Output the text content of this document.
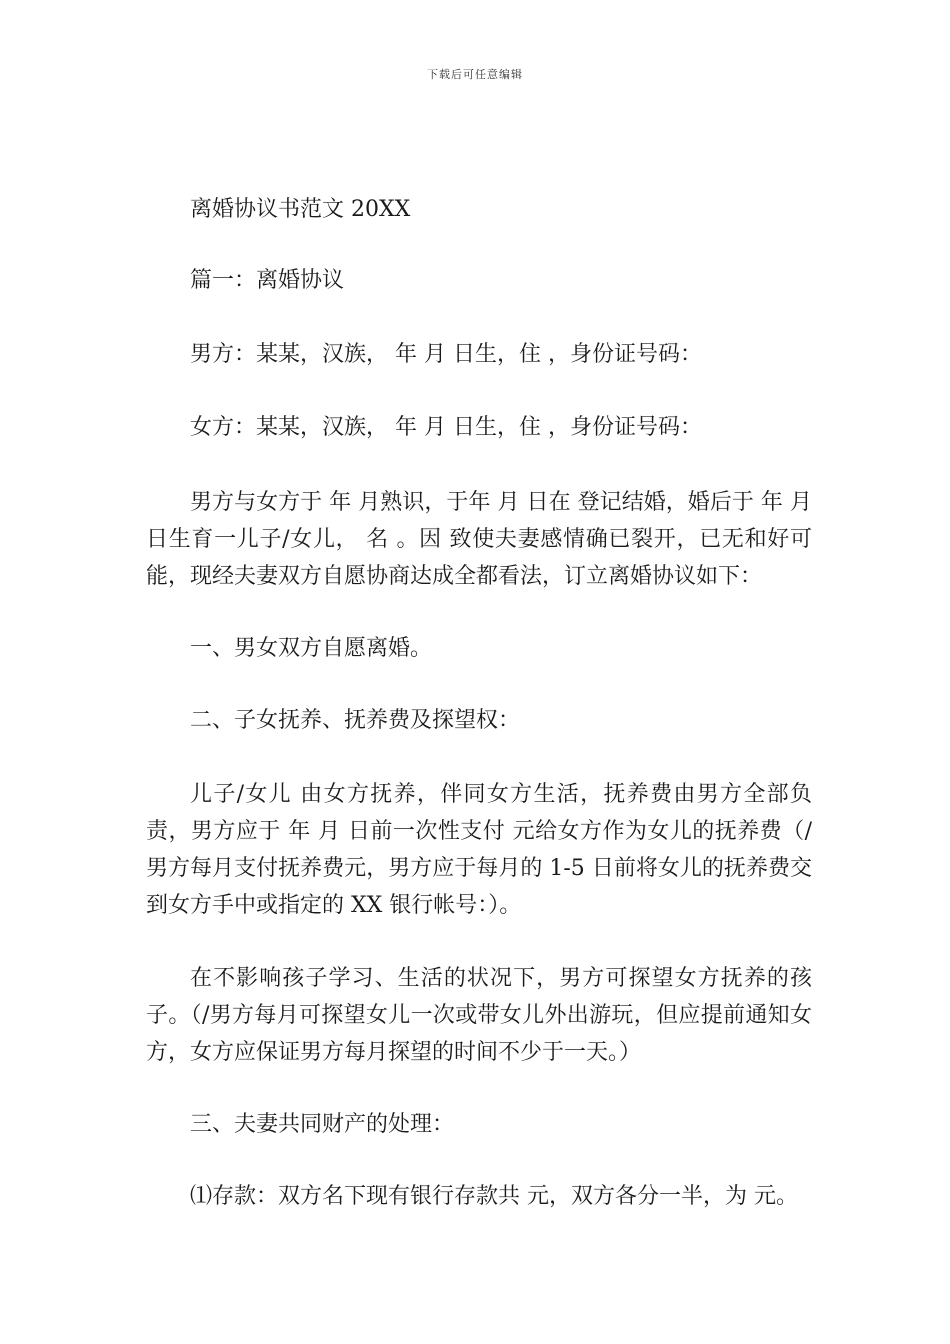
下载后可任意编辑
离婚协议书范文 20XX
篇一：离婚协议
男方：某某，汉族， 年 月 日生，住 ，身份证号码：
女方：某某，汉族， 年 月 日生，住 ，身份证号码：
男方与女方于 年 月熟识，于年 月 日在 登记结婚，婚后于 年 月日生育一儿子/女儿， 名 。因 致使夫妻感情确已裂开，已无和好可能，现经夫妻双方自愿协商达成全都看法，订立离婚协议如下：
一、男女双方自愿离婚。
二、子女抚养、抚养费及探望权：
儿子/女儿 由女方抚养，伴同女方生活，抚养费由男方全部负责，男方应于 年 月 日前一次性支付 元给女方作为女儿的抚养费（/男方每月支付抚养费元，男方应于每月的 1-5 日前将女儿的抚养费交到女方手中或指定的 XX 银行帐号：）。
在不影响孩子学习、生活的状况下，男方可探望女方抚养的孩子。（/男方每月可探望女儿一次或带女儿外出游玩，但应提前通知女方，女方应保证男方每月探望的时间不少于一天。）
三、夫妻共同财产的处理：
⑴存款：双方名下现有银行存款共 元，双方各分一半，为 元。
